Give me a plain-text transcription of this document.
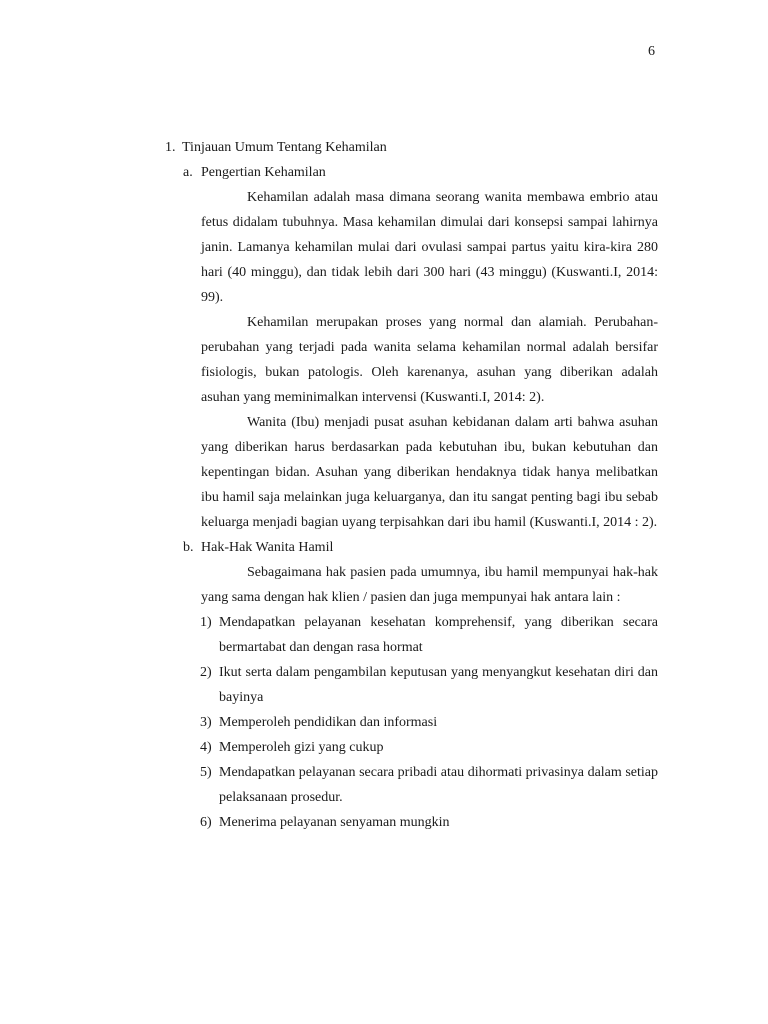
6
1. Tinjauan Umum Tentang Kehamilan
a. Pengertian Kehamilan

Kehamilan adalah masa dimana seorang wanita membawa embrio atau fetus didalam tubuhnya. Masa kehamilan dimulai dari konsepsi sampai lahirnya janin. Lamanya kehamilan mulai dari ovulasi sampai partus yaitu kira-kira 280 hari (40 minggu), dan tidak lebih dari 300 hari (43 minggu) (Kuswanti.I, 2014: 99).

Kehamilan merupakan proses yang normal dan alamiah. Perubahan-perubahan yang terjadi pada wanita selama kehamilan normal adalah bersifar fisiologis, bukan patologis. Oleh karenanya, asuhan yang diberikan adalah asuhan yang meminimalkan intervensi (Kuswanti.I, 2014: 2).

Wanita (Ibu) menjadi pusat asuhan kebidanan dalam arti bahwa asuhan yang diberikan harus berdasarkan pada kebutuhan ibu, bukan kebutuhan dan kepentingan bidan. Asuhan yang diberikan hendaknya tidak hanya melibatkan ibu hamil saja melainkan juga keluarganya, dan itu sangat penting bagi ibu sebab keluarga menjadi bagian uyang terpisahkan dari ibu hamil (Kuswanti.I, 2014 : 2).

b. Hak-Hak Wanita Hamil

Sebagaimana hak pasien pada umumnya, ibu hamil mempunyai hak-hak yang sama dengan hak klien / pasien dan juga mempunyai hak antara lain :

1) Mendapatkan pelayanan kesehatan komprehensif, yang diberikan secara bermartabat dan dengan rasa hormat
2) Ikut serta dalam pengambilan keputusan yang menyangkut kesehatan diri dan bayinya
3) Memperoleh pendidikan dan informasi
4) Memperoleh gizi yang cukup
5) Mendapatkan pelayanan secara pribadi atau dihormati privasinya dalam setiap pelaksanaan prosedur.
6) Menerima pelayanan senyaman mungkin
